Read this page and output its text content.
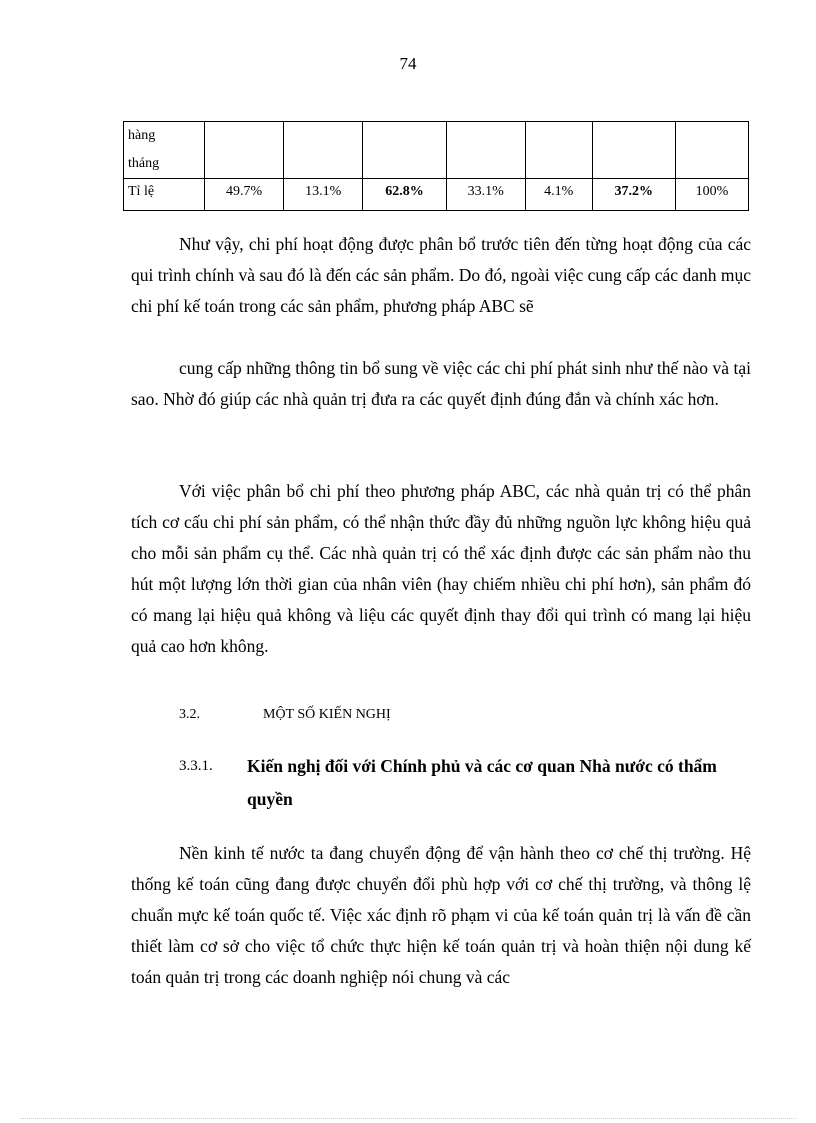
74
hàng
tháng							
Tỉ lệ	49.7%	13.1%	62.8%	33.1%	4.1%	37.2%	100%

Như vậy, chi phí hoạt động được phân bổ trước tiên đến từng hoạt động của các qui trình chính và sau đó là đến các sản phẩm. Do đó, ngoài việc cung cấp các danh mục chi phí kế toán trong các sản phẩm, phương pháp ABC sẽ

cung cấp những thông tin bổ sung về việc các chi phí phát sinh như thế nào và tại sao. Nhờ đó giúp các nhà quản trị đưa ra các quyết định đúng đắn và chính xác hơn.

Với việc phân bổ chi phí theo phương pháp ABC, các nhà quản trị có thể phân tích cơ cấu chi phí sản phẩm, có thể nhận thức đầy đủ những nguồn lực không hiệu quả cho mỗi sản phẩm cụ thể. Các nhà quản trị có thể xác định được các sản phẩm nào thu hút một lượng lớn thời gian của nhân viên (hay chiếm nhiều chi phí hơn), sản phẩm đó có mang lại hiệu quả không và liệu các quyết định thay đổi qui trình có mang lại hiệu quả cao hơn không.

3.2.	MỘT SỐ KIẾN NGHỊ
3.3.1. Kiến nghị đối với Chính phủ và các cơ quan Nhà nước có thẩm quyền

Nền kinh tế nước ta đang chuyển động để vận hành theo cơ chế thị trường. Hệ thống kế toán cũng đang được chuyển đổi phù hợp với cơ chế thị trường, và thông lệ chuẩn mực kế toán quốc tế. Việc xác định rõ phạm vi của kế toán quản trị là vấn đề cần thiết làm cơ sở cho việc tổ chức thực hiện kế toán quản trị và hoàn thiện nội dung kế toán quản trị trong các doanh nghiệp nói chung và các
